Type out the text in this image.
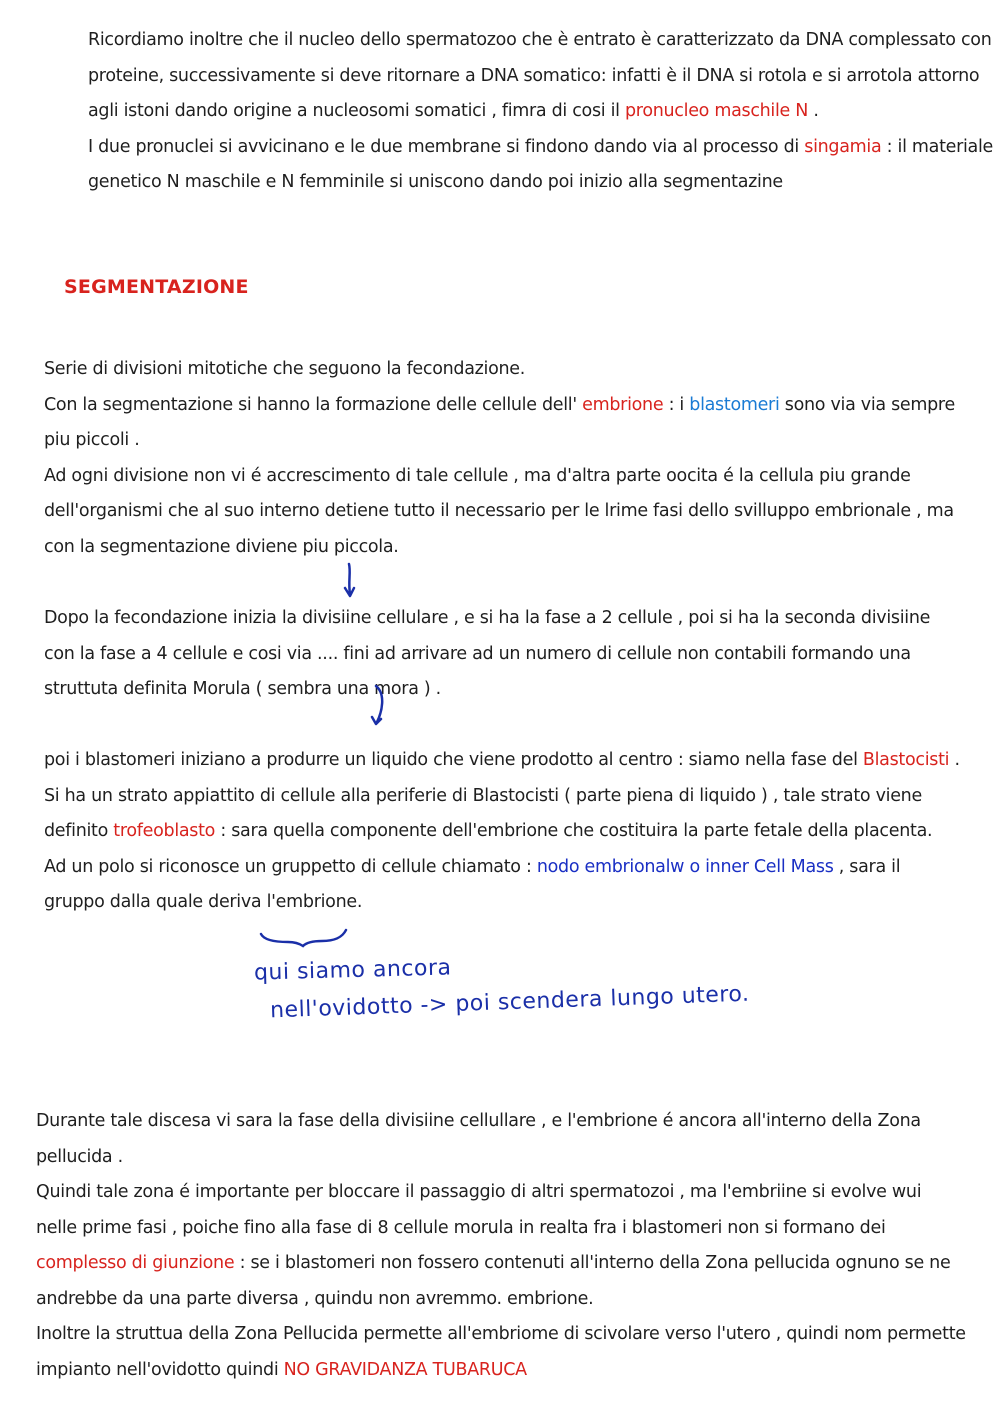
Ricordiamo inoltre che il nucleo dello spermatozoo che è entrato è caratterizzato da DNA complessato con proteine, successivamente si deve ritornare a DNA somatico: infatti è il DNA si rotola e si arrotola attorno agli istoni dando origine a nucleosomi somatici , fimra di cosi il pronucleo maschile N .

I due pronuclei si avvicinano e le due membrane si findono dando via al processo di singamia : il materiale genetico N maschile e N femminile si uniscono dando poi inizio alla segmentazine

SEGMENTAZIONE

Serie di divisioni mitotiche che seguono la fecondazione.

Con la segmentazione si hanno la formazione delle cellule dell' embrione : i blastomeri sono via via sempre piu piccoli .

Ad ogni divisione non vi é accrescimento di tale cellule , ma d'altra parte oocita é la cellula piu grande dell'organismi che al suo interno detiene tutto il necessario per le lrime fasi dello svilluppo embrionale , ma con la segmentazione diviene piu piccola.

Dopo la fecondazione inizia la divisiine cellulare , e si ha la fase a 2 cellule , poi si ha la seconda divisiine con la fase a 4 cellule e cosi via .... fini ad arrivare ad un numero di cellule non contabili formando una struttuta definita Morula ( sembra una mora ) .

poi i blastomeri iniziano a produrre un liquido che viene prodotto al centro : siamo nella fase del Blastocisti .

Si ha un strato appiattito di cellule alla periferie di Blastocisti ( parte piena di liquido ) , tale strato viene definito trofeoblasto : sara quella componente dell'embrione che costituira la parte fetale della placenta.

Ad un polo si riconosce un gruppetto di cellule chiamato : nodo embrionalw o inner Cell Mass , sara il gruppo dalla quale deriva l'embrione.

qui siamo ancora
nell'ovidotto -> poi scendera lungo utero.

Durante tale discesa vi sara la fase della divisiine cellullare , e l'embrione é ancora all'interno della Zona pellucida .

Quindi tale zona é importante per bloccare il passaggio di altri spermatozoi , ma l'embriine si evolve wui nelle prime fasi , poiche fino alla fase di 8 cellule morula in realta fra i blastomeri non si formano dei complesso di giunzione : se i blastomeri non fossero contenuti all'interno della Zona pellucida ognuno se ne andrebbe da una parte diversa , quindu non avremmo. embrione.

Inoltre la struttua della Zona Pellucida permette all'embriome di scivolare verso l'utero , quindi nom permette impianto nell'ovidotto quindi NO GRAVIDANZA TUBARUCA
